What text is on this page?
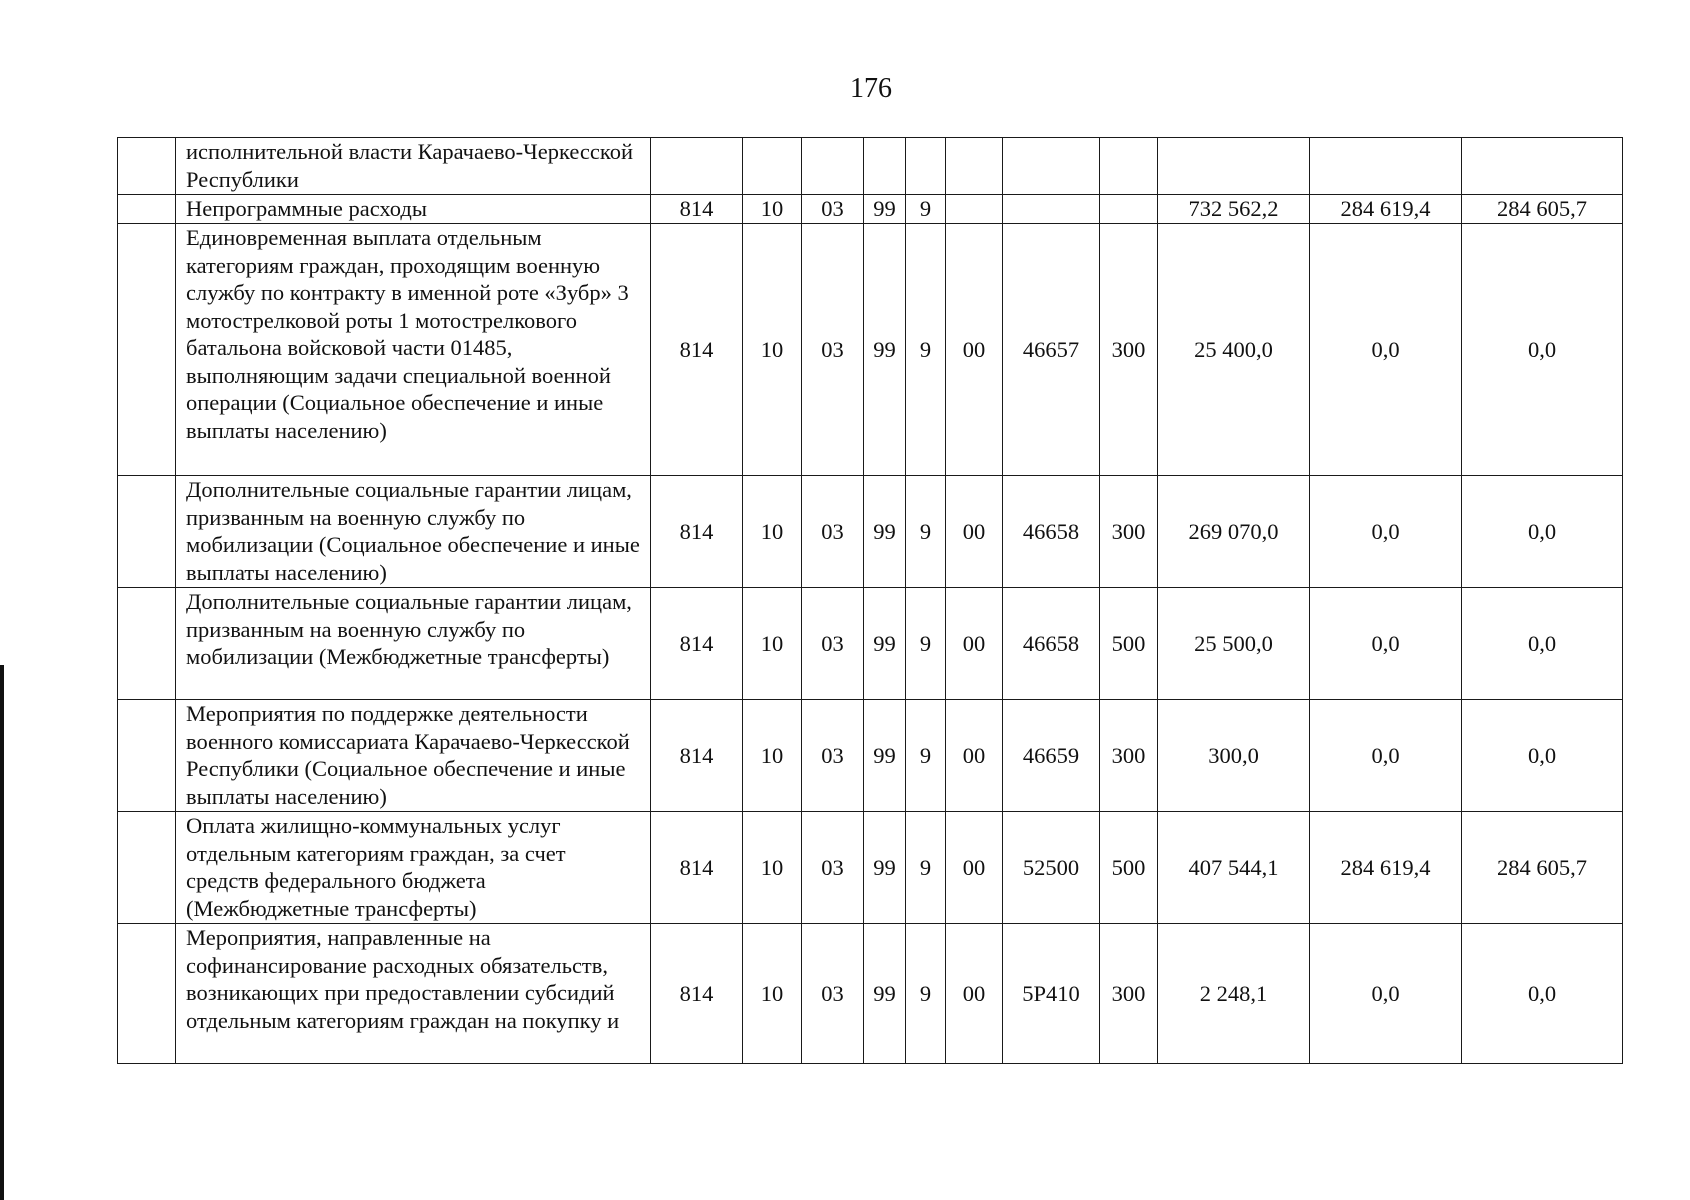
176
	исполнительной власти Карачаево-Черкесской Республики											
	Непрограммные расходы	814	10	03	99	9				732 562,2	284 619,4	284 605,7
	Единовременная выплата отдельным категориям граждан, проходящим военную службу по контракту в именной роте «Зубр» 3 мотострелковой роты 1 мотострелкового батальона войсковой части 01485, выполняющим задачи специальной военной операции (Социальное обеспечение и иные выплаты населению)	814	10	03	99	9	00	46657	300	25 400,0	0,0	0,0
	Дополнительные социальные гарантии лицам, призванным на военную службу по мобилизации (Социальное обеспечение и иные выплаты населению)	814	10	03	99	9	00	46658	300	269 070,0	0,0	0,0
	Дополнительные социальные гарантии лицам, призванным на военную службу по мобилизации (Межбюджетные трансферты)	814	10	03	99	9	00	46658	500	25 500,0	0,0	0,0
	Мероприятия по поддержке деятельности военного комиссариата Карачаево-Черкесской Республики (Социальное обеспечение и иные выплаты населению)	814	10	03	99	9	00	46659	300	300,0	0,0	0,0
	Оплата жилищно-коммунальных услуг отдельным категориям граждан, за счет средств федерального бюджета (Межбюджетные трансферты)	814	10	03	99	9	00	52500	500	407 544,1	284 619,4	284 605,7
	Мероприятия, направленные на софинансирование расходных обязательств, возникающих при предоставлении субсидий отдельным категориям граждан на покупку и	814	10	03	99	9	00	5Р410	300	2 248,1	0,0	0,0
